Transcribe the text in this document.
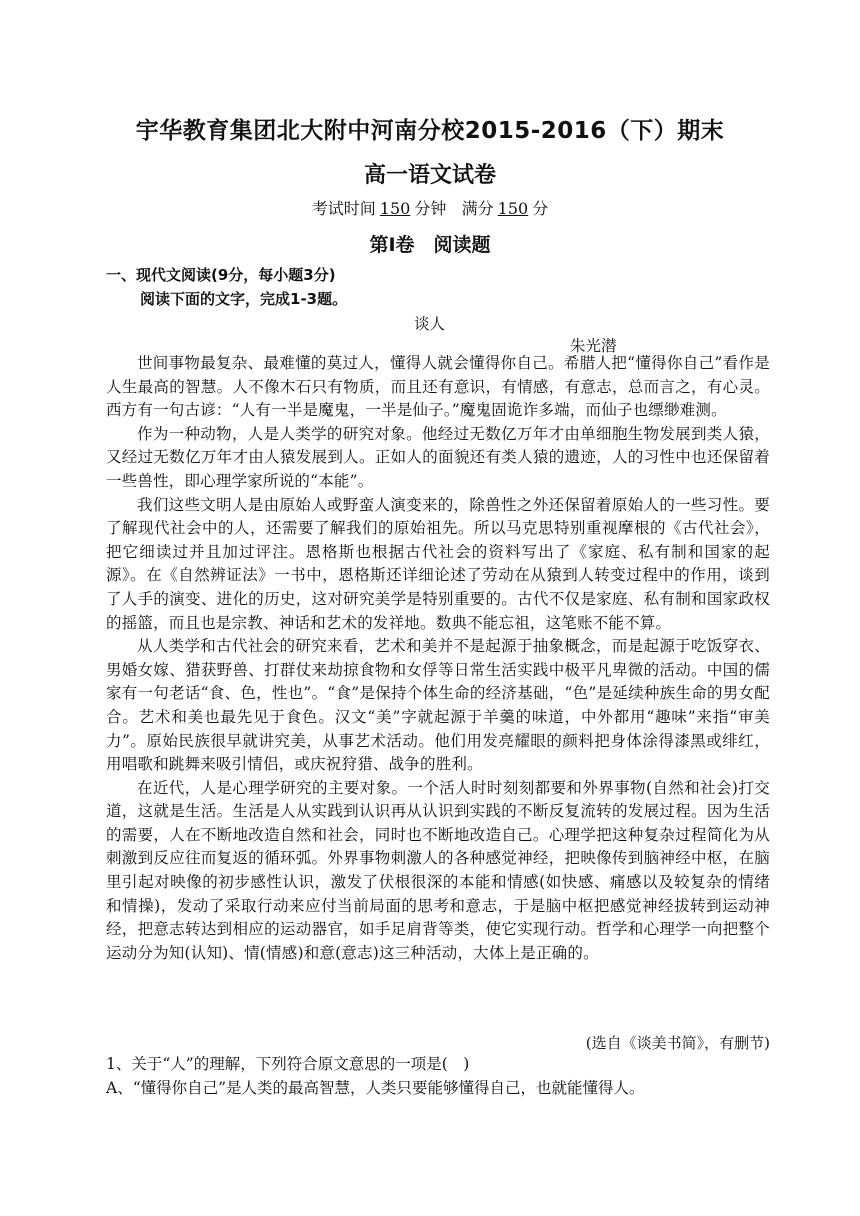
宇华教育集团北大附中河南分校2015-2016（下）期末
高一语文试卷
考试时间 150 分钟 满分 150 分
第Ⅰ卷　阅读题
一、现代文阅读(9分，每小题3分)
阅读下面的文字，完成1-3题。
谈人
朱光潜

世间事物最复杂、最难懂的莫过人，懂得人就会懂得你自己。希腊人把“懂得你自己”看作是人生最高的智慧。人不像木石只有物质，而且还有意识，有情感，有意志，总而言之，有心灵。西方有一句古谚：“人有一半是魔鬼，一半是仙子。”魔鬼固诡诈多端，而仙子也缥缈难测。

作为一种动物，人是人类学的研究对象。他经过无数亿万年才由单细胞生物发展到类人猿，又经过无数亿万年才由人猿发展到人。正如人的面貌还有类人猿的遗迹，人的习性中也还保留着一些兽性，即心理学家所说的“本能”。

我们这些文明人是由原始人或野蛮人演变来的，除兽性之外还保留着原始人的一些习性。要了解现代社会中的人，还需要了解我们的原始祖先。所以马克思特别重视摩根的《古代社会》，把它细读过并且加过评注。恩格斯也根据古代社会的资料写出了《家庭、私有制和国家的起源》。在《自然辨证法》一书中，恩格斯还详细论述了劳动在从猿到人转变过程中的作用，谈到了人手的演变、进化的历史，这对研究美学是特别重要的。古代不仅是家庭、私有制和国家政权的摇篮，而且也是宗教、神话和艺术的发祥地。数典不能忘祖，这笔账不能不算。

从人类学和古代社会的研究来看，艺术和美并不是起源于抽象概念，而是起源于吃饭穿衣、男婚女嫁、猎获野兽、打群仗来劫掠食物和女俘等日常生活实践中极平凡卑微的活动。中国的儒家有一句老话“食、色，性也”。“食”是保持个体生命的经济基础，“色”是延续种族生命的男女配合。艺术和美也最先见于食色。汉文“美”字就起源于羊羹的味道，中外都用“趣味”来指“审美力”。原始民族很早就讲究美，从事艺术活动。他们用发亮耀眼的颜料把身体涂得漆黑或绯红，用唱歌和跳舞来吸引情侣，或庆祝狩猎、战争的胜利。

在近代，人是心理学研究的主要对象。一个活人时时刻刻都要和外界事物(自然和社会)打交道，这就是生活。生活是人从实践到认识再从认识到实践的不断反复流转的发展过程。因为生活的需要，人在不断地改造自然和社会，同时也不断地改造自己。心理学把这种复杂过程简化为从刺激到反应往而复返的循环弧。外界事物刺激人的各种感觉神经，把映像传到脑神经中枢，在脑里引起对映像的初步感性认识，激发了伏根很深的本能和情感(如快感、痛感以及较复杂的情绪和情操)，发动了采取行动来应付当前局面的思考和意志，于是脑中枢把感觉神经拔转到运动神经，把意志转达到相应的运动器官，如手足肩背等类，使它实现行动。哲学和心理学一向把整个运动分为知(认知)、情(情感)和意(意志)这三种活动，大体上是正确的。

(选自《谈美书简》，有删节)
1、关于“人”的理解，下列符合原文意思的一项是(　)
A、“懂得你自己”是人类的最高智慧，人类只要能够懂得自己，也就能懂得人。
